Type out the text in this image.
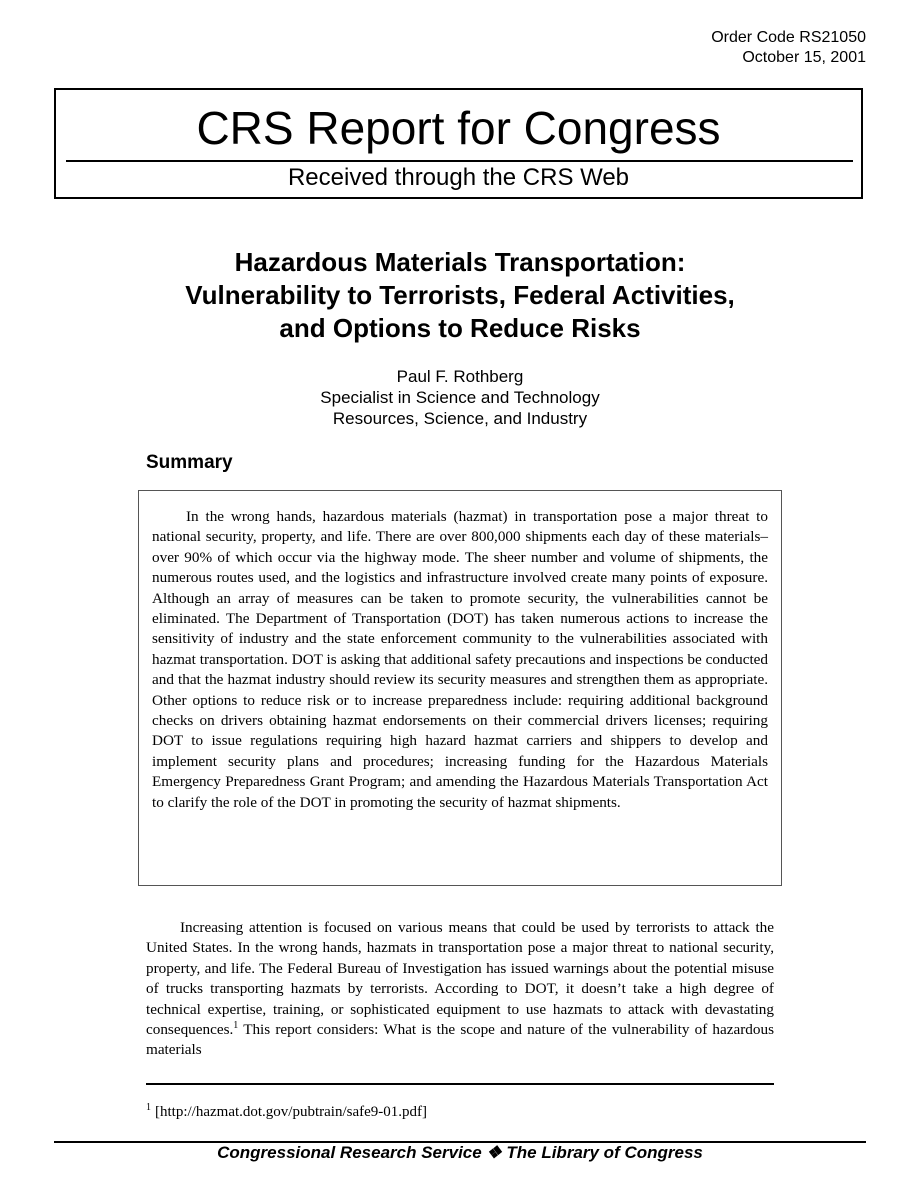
Order Code RS21050
October 15, 2001
CRS Report for Congress
Received through the CRS Web
Hazardous Materials Transportation:
Vulnerability to Terrorists, Federal Activities,
and Options to Reduce Risks
Paul F. Rothberg
Specialist in Science and Technology
Resources, Science, and Industry
Summary

In the wrong hands, hazardous materials (hazmat) in transportation pose a major threat to national security, property, and life. There are over 800,000 shipments each day of these materials–over 90% of which occur via the highway mode. The sheer number and volume of shipments, the numerous routes used, and the logistics and infrastructure involved create many points of exposure. Although an array of measures can be taken to promote security, the vulnerabilities cannot be eliminated. The Department of Transportation (DOT) has taken numerous actions to increase the sensitivity of industry and the state enforcement community to the vulnerabilities associated with hazmat transportation. DOT is asking that additional safety precautions and inspections be conducted and that the hazmat industry should review its security measures and strengthen them as appropriate. Other options to reduce risk or to increase preparedness include: requiring additional background checks on drivers obtaining hazmat endorsements on their commercial drivers licenses; requiring DOT to issue regulations requiring high hazard hazmat carriers and shippers to develop and implement security plans and procedures; increasing funding for the Hazardous Materials Emergency Preparedness Grant Program; and amending the Hazardous Materials Transportation Act to clarify the role of the DOT in promoting the security of hazmat shipments.

Increasing attention is focused on various means that could be used by terrorists to attack the United States. In the wrong hands, hazmats in transportation pose a major threat to national security, property, and life. The Federal Bureau of Investigation has issued warnings about the potential misuse of trucks transporting hazmats by terrorists. According to DOT, it doesn’t take a high degree of technical expertise, training, or sophisticated equipment to use hazmats to attack with devastating consequences.$^1$ This report considers: What is the scope and nature of the vulnerability of hazardous materials

$^1$ [http://hazmat.dot.gov/pubtrain/safe9-01.pdf]
Congressional Research Service ❖ The Library of Congress
